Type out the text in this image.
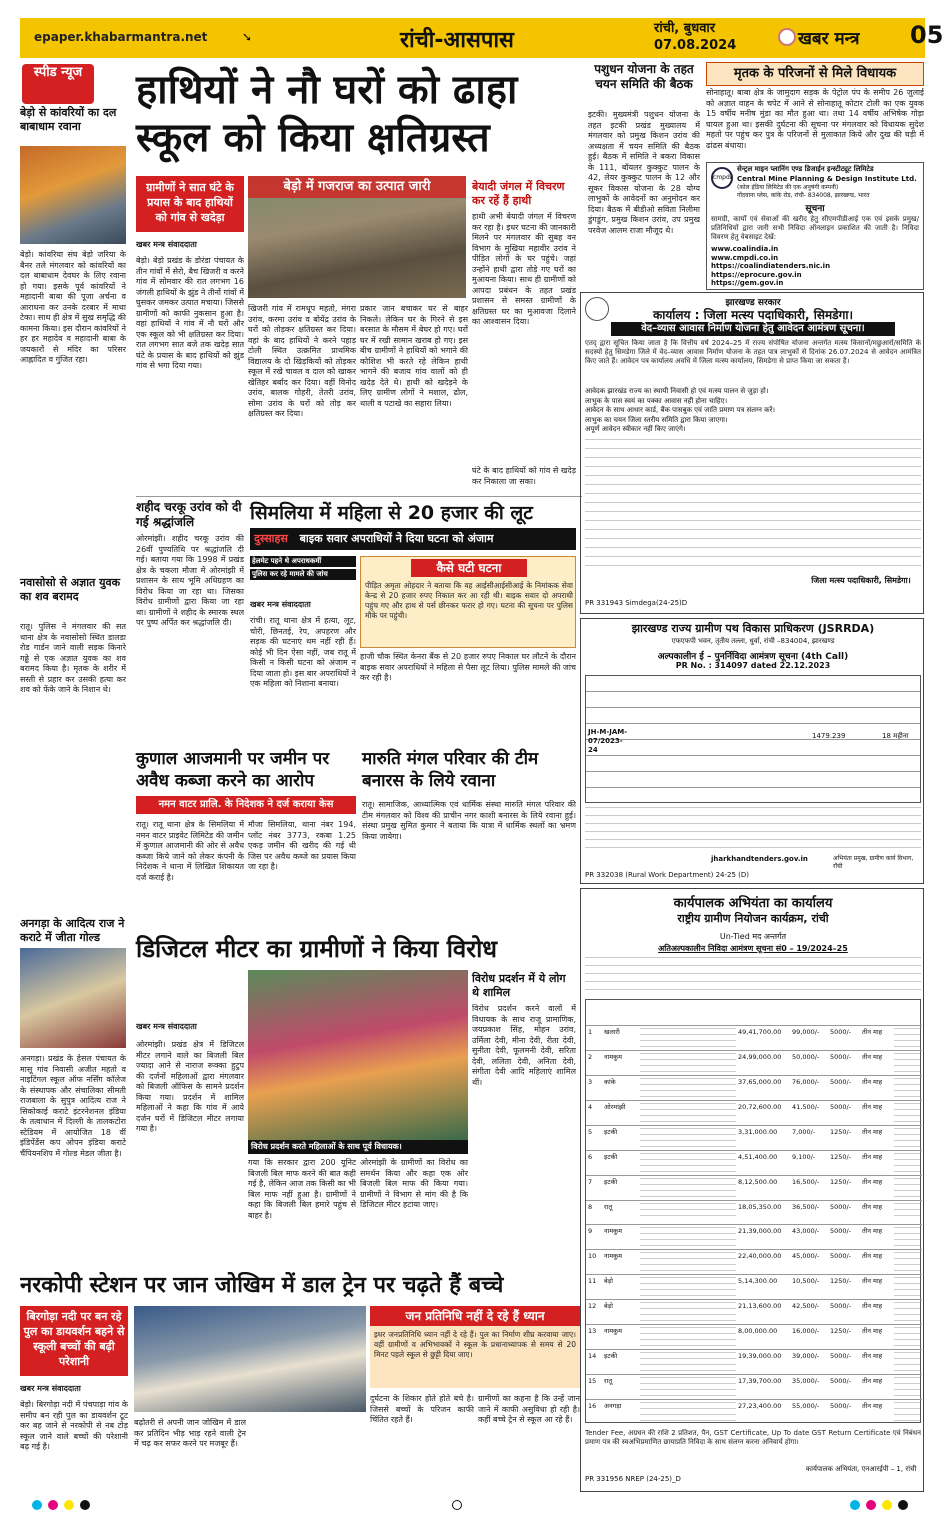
epaper.khabarmantra.net	➘	रांची-आसपास	रांची, बुधवार
07.08.2024	खबर मन्त्र 05
स्पीड न्यूज
बेड़ो से कांवरियों का दल बाबाधाम रवाना
बेड़ो। कांवरिया संघ बेड़ो जरिया के बैनर तले मंगलवार को कांवरियों का दल बाबाधाम देवघर के लिए रवाना हो गया। इसके पूर्व कांवरियों ने महादानी बाबा की पूजा अर्चना व आराधना कर उनके दरबार में माथा टेका। साथ ही क्षेत्र में सुख समृद्धि की कामना किया। इस दौरान कांवरियों ने हर हर महादेव व महादानी बाबा के जयकारों से मंदिर का परिसर आह्लादित व गुंजित रहा।
नवासोसो से अज्ञात युवक का शव बरामद
रातू। पुलिस ने मंगलवार की सत थाना क्षेत्र के नवासोसो स्थित डालडा रोड गार्डन जाने वाली सड़क किनारे गढ्ढे से एक अज्ञात युवक का शव बरामद किया है। मृतक के शरीर में सस्ती से प्रहार कर उसकी हत्या कर शव को फेंके जाने के निशान थे।
अनगड़ा के आदित्य राज ने कराटे में जीता गोल्ड
अनगड़ा। प्रखंड के हेसल पंचायत के मासू गांव निवासी अजीत महतो व नाइटिंगल स्कूल ऑफ नर्सिंग कॉलेज के संस्थापक और संचालिका सीमती राजबाला के सुपुत्र आदित्य राज ने सिकोकाई कराटे इंटरनेशनल इंडिया के तत्वाधान में दिल्ली के तालकटोरा स्टेडियम में आयोजित 18 वीं इंडिपेंडेंस कप ओपन इंडिया कराटे चैंपियनशिप में गोल्ड मेडल जीता है।
हाथियों ने नौ घरों को ढाहा स्कूल को किया क्षतिग्रस्त
ग्रामीणों ने सात घंटे के प्रयास के बाद हाथियों को गांव से खदेड़ा
बेड़ो में गजराज का उत्पात जारी
खबर मन्त्र संवाददाता
बेड़ो। बेड़ो प्रखंड के डोरंडा पंचायत के तीन गांवों में सेरो, बैच खिजरी व करने गांव में सोमवार की रात लगभग 16 जंगली हाथियों के झुंड ने तीनों गांवों में घुसकर जमकर उत्पात मचाया। जिससे ग्रामीणों को काफी नुकसान हुआ है। वहां हाथियों ने गांव में नौ घरों और एक स्कूल को भी क्षतिग्रस्त कर दिया। रात लगभग सात बजे तक खदेड़ सात घंटे के प्रयास के बाद हाथियों को झुंड गांव से भगा दिया गया।
खिजरी गांव में रामधूप महतो, मंगरा उरांव, करमा उरांव व बोयेंद्र उरांव के घरों को तोड़कर क्षतिग्रस्त कर दिया। वहां के बाद हाथियों ने करने पहाड़ टोली स्थित उत्क्रमित प्राथमिक विद्यालय के दो खिड़कियों को तोड़कर स्कूल में रखे चावल व दाल को खाकर खेतिहर बर्बाद कर दिया। वहीं विनोद उरांव, बालक गोहरी, तेतरी उरांव, सोमा उरांव के घरों को तोड़ कर क्षतिग्रस्त कर दिया।
प्रकार जान बचाकर घर से बाहर निकले। लेकिन घर के गिरने से इस बरसात के मौसम में बेघर हो गए। घरों घर में रखी सामान खराब हो गए। इस बीच ग्रामीणों ने हाथियों को भगाने की कोशिश भी करते रहे लेकिन हाथी भागने की बजाय गांव वालों को ही खदेड़ देते थे। हाथी को खदेड़ने के लिए ग्रामीण लोगों ने मशाल, ढोल, थाली व पटाखे का सहारा लिया।
बेयादी जंगल में विचरण कर रहें हैं हाथी
हाथी अभी बेयादी जंगल में विचरण कर रहा है। इधर घटना की जानकारी मिलने पर मंगलवार की सुबह वन विभाग के मुखिया महावीर उरांव ने पीड़ित लोगों के घर पहुंचे। जहां उन्होंने हाथी द्वारा तोड़े गए घरों का मुआयना किया। साथ ही ग्रामीणों को आपदा प्रबंधन के तहत प्रखंड प्रशासन से समस्त ग्रामीणों के क्षतिग्रस्त घर का मुआवजा दिलाने का आश्वासन दिया।
घंटे के बाद हाथियों को गांव से खदेड़ कर निकाला जा सका।
पशुधन योजना के तहत चयन समिति की बैठक
इटकी। मुख्यमंत्री पशुधन योजना के तहत इटकी प्रखंड मुख्यालय में मंगलवार को प्रमुख किशन उरांव की अध्यक्षता में चयन समिति की बैठक हुई। बैठक में समिति ने बकरा विकास के 111, बॉयलर कुक्कुट पालन के 42, लेयर कुक्कुट पालन के 12 और सूकर विकास योजना के 28 योग्य लाभुकों के आवेदनों का अनुमोदन कर दिया। बैठक में बीडीओ सविता निलीमा डुंगडुंग, प्रमुख किशन उरांव, उप प्रमुख परवेज आलम राजा मौजूद थे।
मृतक के परिजनों से मिले विधायक
सोनाहातू। बाबा क्षेत्र के जामुदाग सड़क के पेट्रोल पंप के समीप 26 जुलाई को अज्ञात वाहन के चपेट में आने से सोनाहातू कोटार टोली का एक युवक 15 वर्षीय मनीष मुंडा का मौत हुआ था। तथा 14 वर्षीय अभिषेक गोड़ा घायल हुआ था। इसकी दुर्घटना की सूचना पर मंगलवार को विधायक सुदेश महतो पर पहुंच कर पुत्र के परिजनों से मुलाकात किये और दुख की घड़ी में ढांढस बंधाया।
cmpdi
सेन्ट्रल माइन प्लानिंग एण्ड डिजाईन इन्स्टीट्यूट लिमिटेड
Central Mine Planning & Design Institute Ltd.
(कोल इंडिया लिमिटेड की एक अनुषंगी कम्पनी)
गोंदवाना प्लेस, कांके रोड, रांची- 834008, झारखण्ड, भारत
सूचना
सामग्री, कार्यों एवं सेवाओं की खरीद हेतु सीएमपीडीआई एक एवं इसके प्रमुख/प्रतिनिधियों द्वारा जारी सभी निविदा ऑनलाइन प्रकाशित की जाती है। निविदा विवरण हेतु वेबसाइट देखें:
www.coalindia.in
www.cmpdi.co.in
https://coalindiatenders.nic.in
https://eprocure.gov.in
https://gem.gov.in
झारखण्ड सरकार
कार्यालय : जिला मत्स्य पदाधिकारी, सिमडेगा।
वेद–व्यास आवास निर्माण योजना हेतु आवेदन आमंत्रण सूचना।
एतद् द्वारा सूचित किया जाता है कि वित्तीय वर्ष 2024–25 में राज्य संपोषित योजना अन्तर्गत मत्स्य किसानों/मछुआरों/समिति के सदस्यों हेतु सिमडेगा जिले में वेद–व्यास आवास निर्माण योजना के तहत पात्र लाभुकों से दिनांक 26.07.2024 से आवेदन आमंत्रित किए जाते हैं। आवेदन पत्र कार्यालय अवधि में जिला मत्स्य कार्यालय, सिमडेगा से प्राप्त किया जा सकता है।
आवेदक झारखंड राज्य का स्थायी निवासी हो एवं मत्स्य पालन से जुड़ा हो।
लाभुक के पास स्वयं का पक्का आवास नहीं होना चाहिए।
आवेदन के साथ आधार कार्ड, बैंक पासबुक एवं जाति प्रमाण पत्र संलग्न करें।
लाभुक का चयन जिला स्तरीय समिति द्वारा किया जाएगा।
अपूर्ण आवेदन स्वीकार नहीं किए जाएंगे।
जिला मत्स्य पदाधिकारी, सिमडेगा।
PR 331943 Simdega(24-25)D
शहीद चरकू उरांव को दी गई श्रद्धांजलि
ओरमांझी। शहीद चरकू उरांव की 26वीं पुण्यतिथि पर श्रद्धांजलि दी गई। बताया गया कि 1998 में प्रखंड क्षेत्र के चकला मौजा में ओरमांझी में प्रशासन के साथ भूमि अधिग्रहण का विरोध किया जा रहा था। जिसका विरोध ग्रामीणों द्वारा किया जा रहा था। ग्रामीणों ने शहीद के स्मारक स्थल पर पुष्प अर्पित कर श्रद्धांजलि दी।
सिमलिया में महिला से 20 हजार की लूट
दुस्साहस बाइक सवार अपराधियों ने दिया घटना को अंजाम
हेलमेट पहने थे अपराधकर्मी
पुलिस कर रहे मामले की जांच
खबर मन्त्र संवाददाता
रांची। रातू थाना क्षेत्र में हत्या, लूट, चोरी, छिनतई, रेप, अपहरण और सड़क की घटनाएं थम नहीं रही हैं। कोई भी दिन ऐसा नहीं, जब रातू में किसी न किसी घटना को अंजाम न दिया जाता हो। इस बार अपराधियों ने एक महिला को निशाना बनाया।
कैसे घटी घटना
पीड़ित अमृता ओहदार ने बताया कि वह आईसीआईसीआई के निमांकक सेवा केन्द्र से 20 हजार रुपए निकाल कर आ रही थी। बाइक सवार दो अपराधी पहुंच गए और हाथ से पर्स छीनकर फरार हो गए। घटना की सूचना पर पुलिस मौके पर पहुंची।
हाजी चौक स्थित केनरा बैंक से 20 हजार रुपए निकाल घर लौटने के दौरान बाइक सवार अपराधियों ने महिला से पैसा लूट लिया। पुलिस मामले की जांच कर रही है।
कुणाल आजमानी पर जमीन पर अवैध कब्जा करने का आरोप
नमन वाटर प्रालि. के निदेशक ने दर्ज कराया केस
रातू। रातू थाना क्षेत्र के सिमलिया में नमन वाटर प्राइवेट लिमिटेड की जमीन में कुणाल आजमानी की ओर से अवैध कब्जा किये जाने को लेकर कंपनी के निदेशक ने थाना में लिखित शिकायत दर्ज कराई है।
मौजा सिमलिया, थाना नंबर 194, प्लॉट नंबर 3773, रकबा 1.25 एकड़ जमीन की खरीद की गई थी जिस पर अवैध कब्जे का प्रयास किया जा रहा है।
मारुति मंगल परिवार की टीम बनारस के लिये रवाना
रातू। सामाजिक, आध्यात्मिक एवं धार्मिक संस्था मारुति मंगल परिवार की टीम मंगलवार को विश्व की प्राचीन नगर काशी बनारस के लिये रवाना हुई। संस्था प्रमुख सुमित कुमार ने बताया कि यात्रा में धार्मिक स्थलों का भ्रमण किया जायेगा।
झारखण्ड राज्य ग्रामीण पथ विकास प्राधिकरण (JSRRDA)
एफएफपी भवन, तृतीय तल्ला, धुर्वा, रांची –834004, झारखण्ड
अल्पकालीन ई – पुनर्निविदा आमंत्रण सूचना (4th Call)
PR No. : 314097 dated 22.12.2023
JH-M-JAM-07/2023-24
1479.239	18 महीना
jharkhandtenders.gov.in	अभियंता प्रमुख, ग्रामीण कार्य विभाग, राँची
PR 332038 (Rural Work Department) 24-25 (D)
डिजिटल मीटर का ग्रामीणों ने किया विरोध
खबर मन्त्र संवाददाता
ओरमांझी। प्रखंड क्षेत्र में डिजिटल मीटर लगाने वाले का बिजली बिल ज्यादा आने से नाराज रूक्का हुटुप की दर्जनों महिलाओं द्वारा मंगलवार को बिजली ऑफिस के सामने प्रदर्शन किया गया। प्रदर्शन में शामिल महिलाओं ने कहा कि गांव में आये दर्जन घरों में डिजिटल मीटर लगाया गया है।
विरोध प्रदर्शन करते महिलाओं के साथ पूर्व विधायक।
गया कि सरकार द्वारा 200 यूनिट बिजली बिल माफ करने की बात कही गई है, लेकिन आज तक किसी का भी बिल माफ नहीं हुआ है। ग्रामीणों ने कहा कि बिजली बिल हमारे पहुंच से बाहर है।
ओरमांझी के ग्रामीणों का विरोध का समर्थन किया और कहा एक ओर बिजली बिल माफ की किया गया। ग्रामीणों ने विभाग से मांग की है कि डिजिटल मीटर हटाया जाए।
विरोध प्रदर्शन में ये लोग थे शामिल
विरोध प्रदर्शन करने वालों में विधायक के साथ राजू प्रामाणिक, जयप्रकाश सिंह, मोहन उरांव, उर्मिला देवी, मीना देवी, रीता देवी, सुनीता देवी, फूलमनी देवी, सरिता देवी, ललिता देवी, अनिता देवी, संगीता देवी आदि महिलाएं शामिल थीं।
नरकोपी स्टेशन पर जान जोखिम में डाल ट्रेन पर चढ़ते हैं बच्चे
बिरगोड़ा नदी पर बन रहे पुल का डायवर्शन बहने से स्कूली बच्चों की बढ़ी परेशानी
खबर मन्त्र संवाददाता
बेड़ो। बिरगोड़ा नदी में पंचपाड़ा गांव के समीप बन रही पुल का डायवर्शन टूट कर बह जाने से नरकोपी से नब टोड़ स्कूल जाने वाले बच्चों की परेशानी बढ़ गई है।
बढ़ोतरी से अपनी जान जोखिम में डाल कर प्रतिदिन भीड़ भाड़ रहने वाली ट्रेन में चढ़ कर सफर करने पर मजबूर हैं।
जन प्रतिनिधि नहीं दे रहे हैं ध्यान
इधर जनप्रतिनिधि ध्यान नहीं दे रहे हैं। पुल का निर्माण शीघ्र करवाया जाए। वहीं ग्रामीणों व अभिभावकों ने स्कूल के प्रधानाध्यापक से समय से 20 मिनट पहले स्कूल से छुट्टी दिया जाए।
दुर्घटना के शिकार होते होते बचे है। जिससे बच्चों के परिजन काफी चिंतित रहते हैं।
ग्रामीणों का कहना है कि उन्हें जान जाने में काफी असुविधा हो रही है। कहीं बच्चे ट्रेन से स्कूल आ रहे हैं।
कार्यपालक अभियंता का कार्यालय
राष्ट्रीय ग्रामीण नियोजन कार्यक्रम, रांची
Un-Tied मद अन्तर्गत
अतिअल्पकालीन निविदा आमंत्रण सूचना सं0 – 19/2024–25
1	खलारी	49,41,700.00	99,000/-	5000/-	तीन माह
2	नामकुम	24,99,000.00	50,000/-	5000/-	तीन माह
3	कांके	37,65,000.00	76,000/-	5000/-	तीन माह
4	ओरमांझी	20,72,600.00	41,500/-	5000/-	तीन माह
5	इटकी	3,31,000.00	7,000/-	1250/-	तीन माह
6	इटकी	4,51,400.00	9,100/-	1250/-	तीन माह
7	इटकी	8,12,500.00	16,500/-	1250/-	तीन माह
8	रातू	18,05,350.00	36,500/-	5000/-	तीन माह
9	नामकुम	21,39,000.00	43,000/-	5000/-	तीन माह
10	नामकुम	22,40,000.00	45,000/-	5000/-	तीन माह
11	बेड़ो	5,14,300.00	10,500/-	1250/-	तीन माह
12	बेड़ो	21,13,600.00	42,500/-	5000/-	तीन माह
13	नामकुम	8,00,000.00	16,000/-	1250/-	तीन माह
14	इटकी	19,39,000.00	39,000/-	5000/-	तीन माह
15	रातू	17,39,700.00	35,000/-	5000/-	तीन माह
16	अनगड़ा	27,23,400.00	55,000/-	5000/-	तीन माह
Tender Fee, अग्रधन की राशि 2 प्रतिशत, पैन, GST Certificate, Up To date GST Return Certificate एवं निबंधन प्रमाण पत्र की स्वअभिप्रमाणित छायाप्रति निविदा के साथ संलग्न करना अनिवार्य होगा।
PR 331956 NREP (24-25)_D
कार्यपालक अभियंता, एनआरईपी – 1, रांची
